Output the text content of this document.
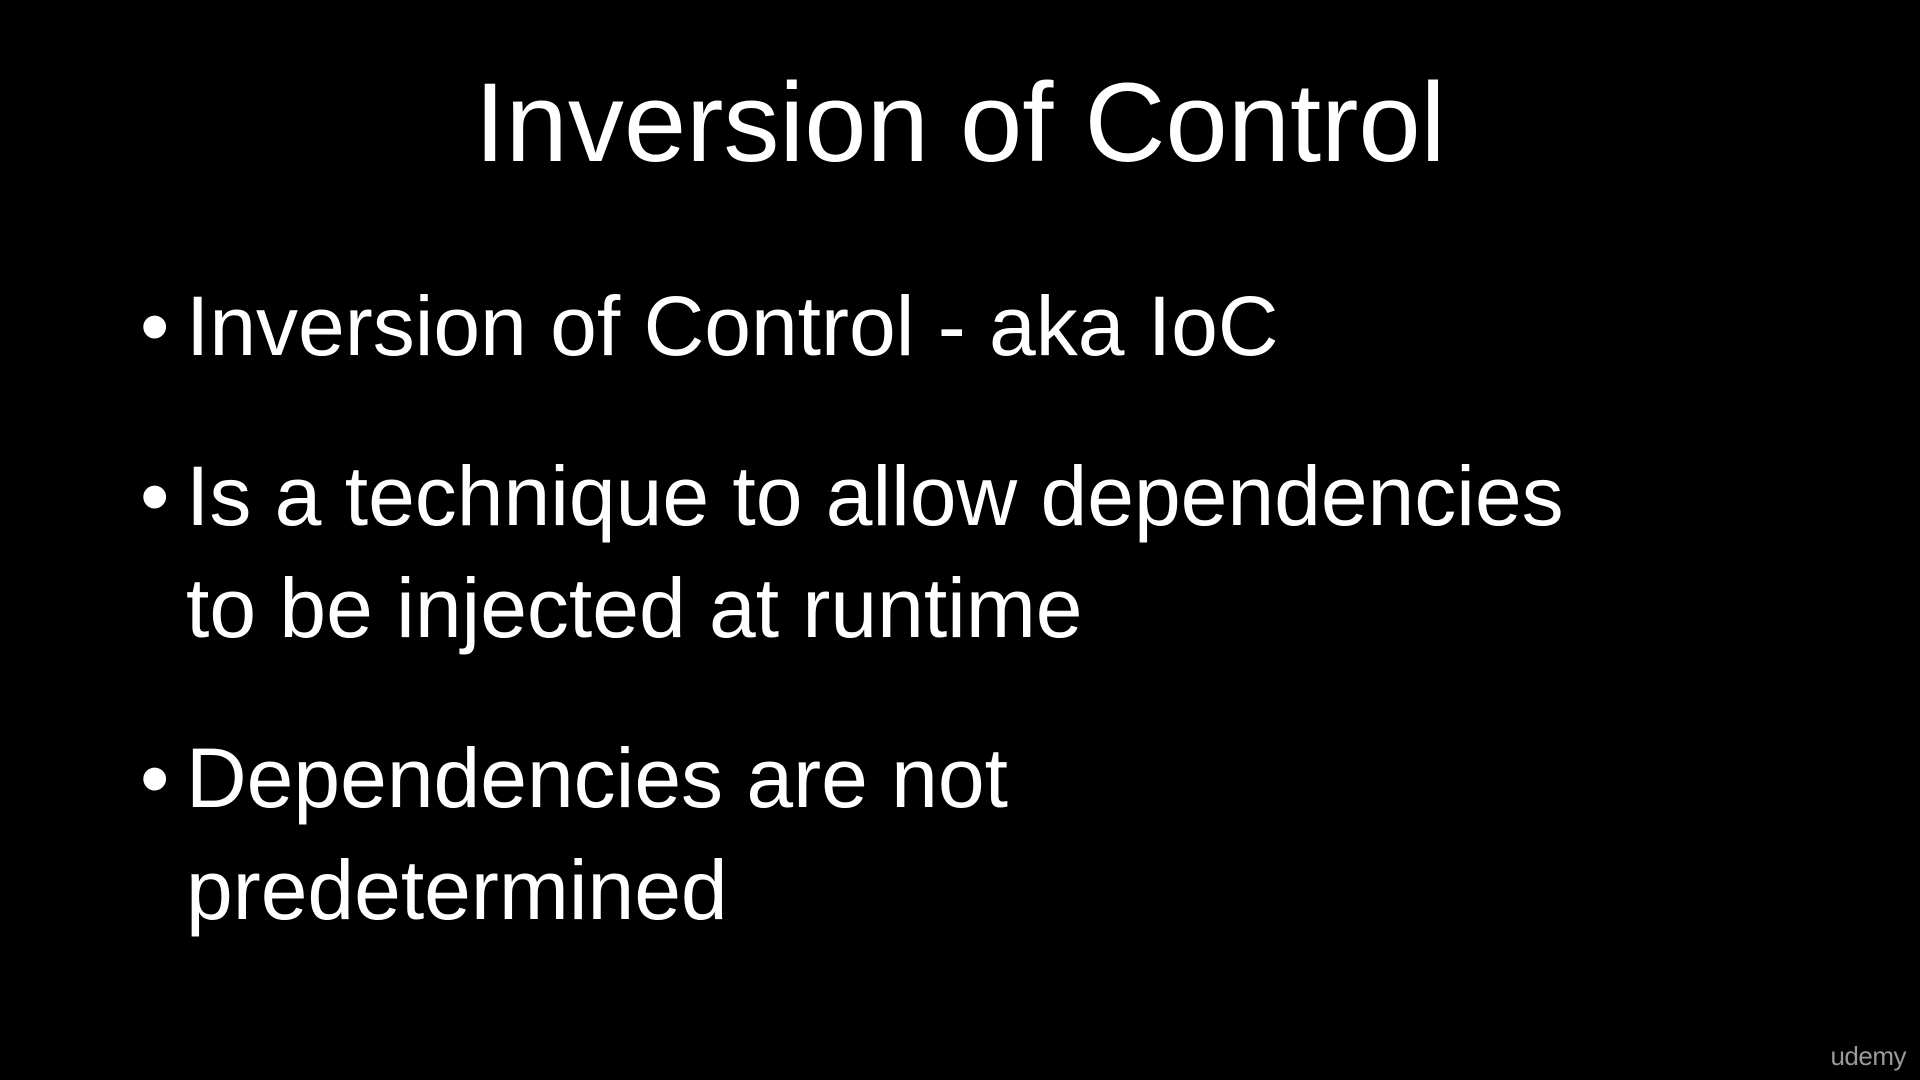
Inversion of Control
• Inversion of Control - aka IoC
• Is a technique to allow dependencies
to be injected at runtime
• Dependencies are not
predetermined
udemy
